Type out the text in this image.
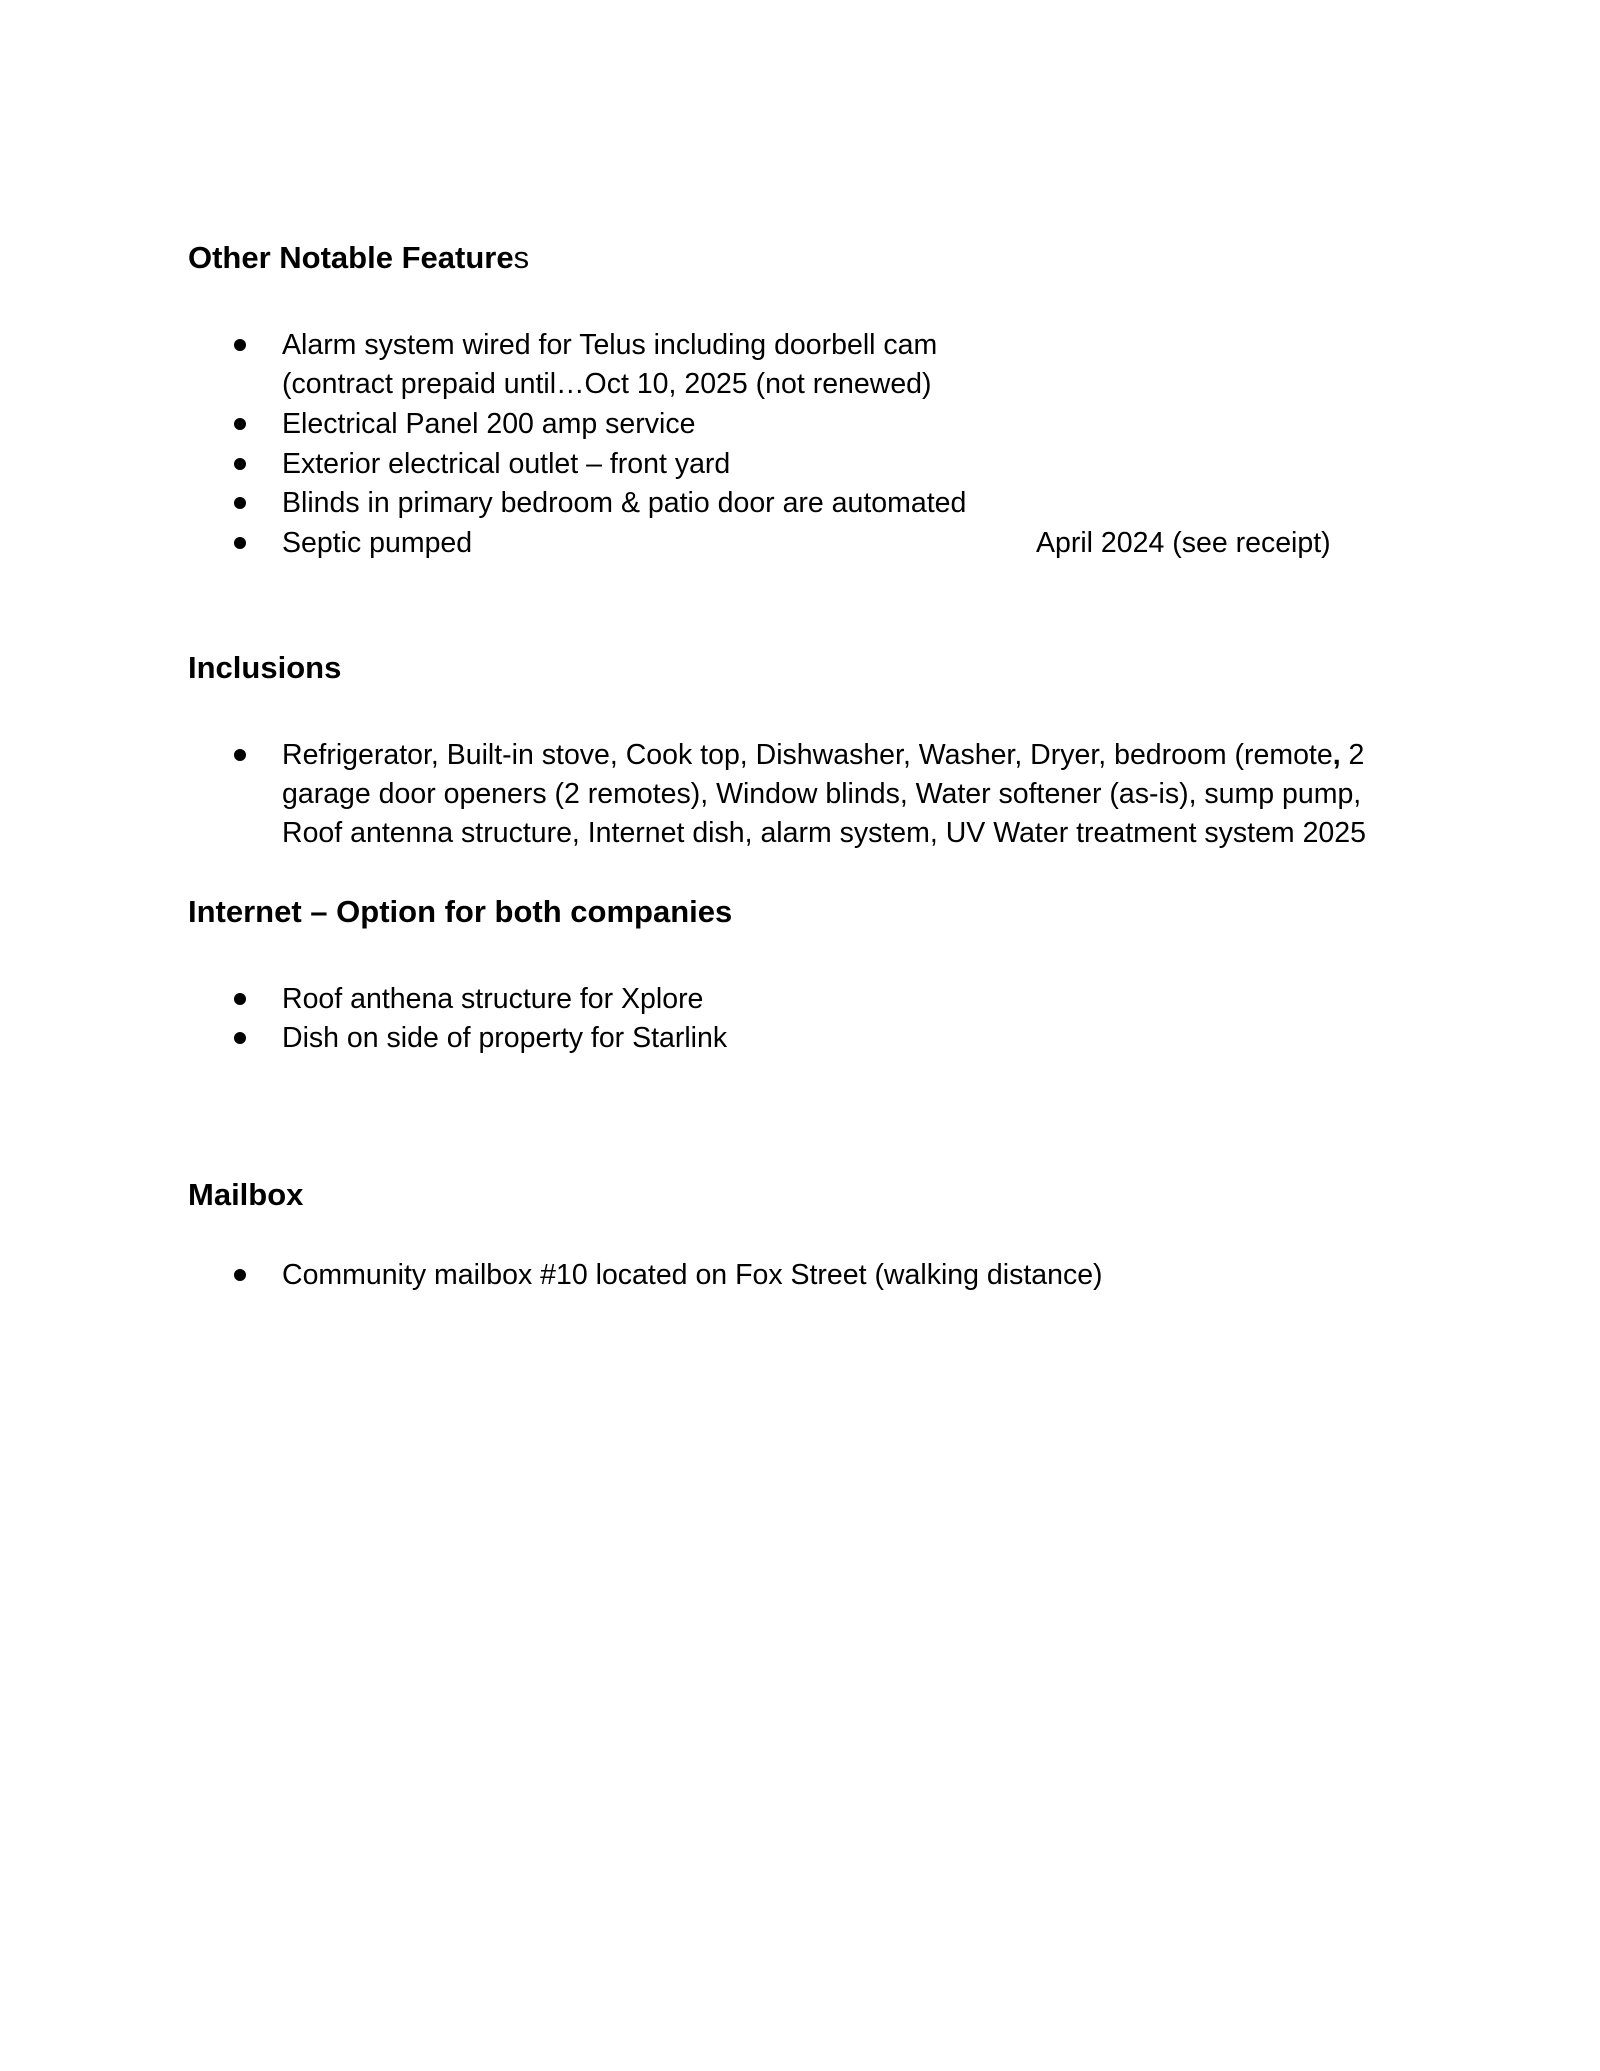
Other Notable Features
Alarm system wired for Telus including doorbell cam
(contract prepaid until…Oct 10, 2025 (not renewed)
Electrical Panel 200 amp service
Exterior electrical outlet – front yard
Blinds in primary bedroom & patio door are automated
Septic pumped	April 2024 (see receipt)
Inclusions
Refrigerator, Built-in stove, Cook top, Dishwasher, Washer, Dryer, bedroom (remote, 2
garage door openers (2 remotes), Window blinds, Water softener (as-is), sump pump,
Roof antenna structure, Internet dish, alarm system, UV Water treatment system 2025
Internet – Option for both companies
Roof anthena structure for Xplore
Dish on side of property for Starlink
Mailbox
Community mailbox #10 located on Fox Street (walking distance)
